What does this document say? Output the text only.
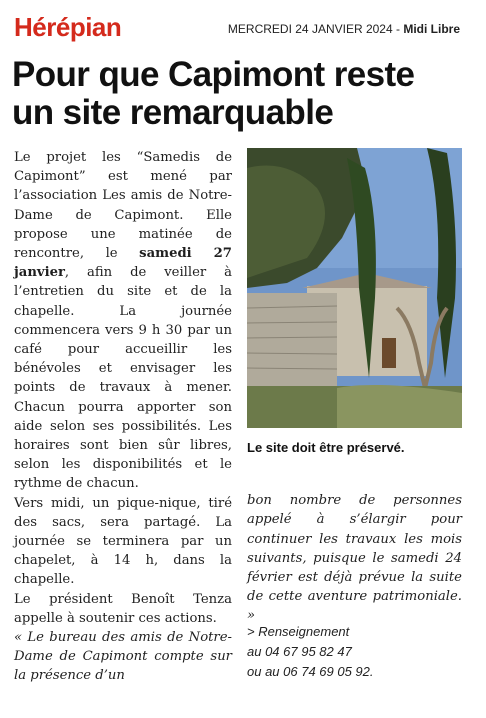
Hérépian	MERCREDI 24 JANVIER 2024 - Midi Libre
Pour que Capimont reste
un site remarquable

Le projet les “Samedis de Capimont” est mené par l’association Les amis de Notre-Dame de Capimont. Elle propose une matinée de rencontre, le samedi 27 janvier, afin de veiller à l’entretien du site et de la chapelle. La journée commencera vers 9 h 30 par un café pour accueillir les bénévoles et envisager les points de travaux à mener. Chacun pourra apporter son aide selon ses possibilités. Les horaires sont bien sûr libres, selon les disponibilités et le rythme de chacun.

Vers midi, un pique-nique, tiré des sacs, sera partagé. La journée se terminera par un chapelet, à 14 h, dans la chapelle.

Le président Benoît Tenza appelle à soutenir ces actions.

« Le bureau des amis de Notre-Dame de Capimont compte sur la présence d’un

Le site doit être préservé.

bon nombre de personnes appelé à s’élargir pour continuer les travaux les mois suivants, puisque le samedi 24 février est déjà prévue la suite de cette aventure patrimoniale. »

> Renseignement
au 04 67 95 82 47
ou au 06 74 69 05 92.
